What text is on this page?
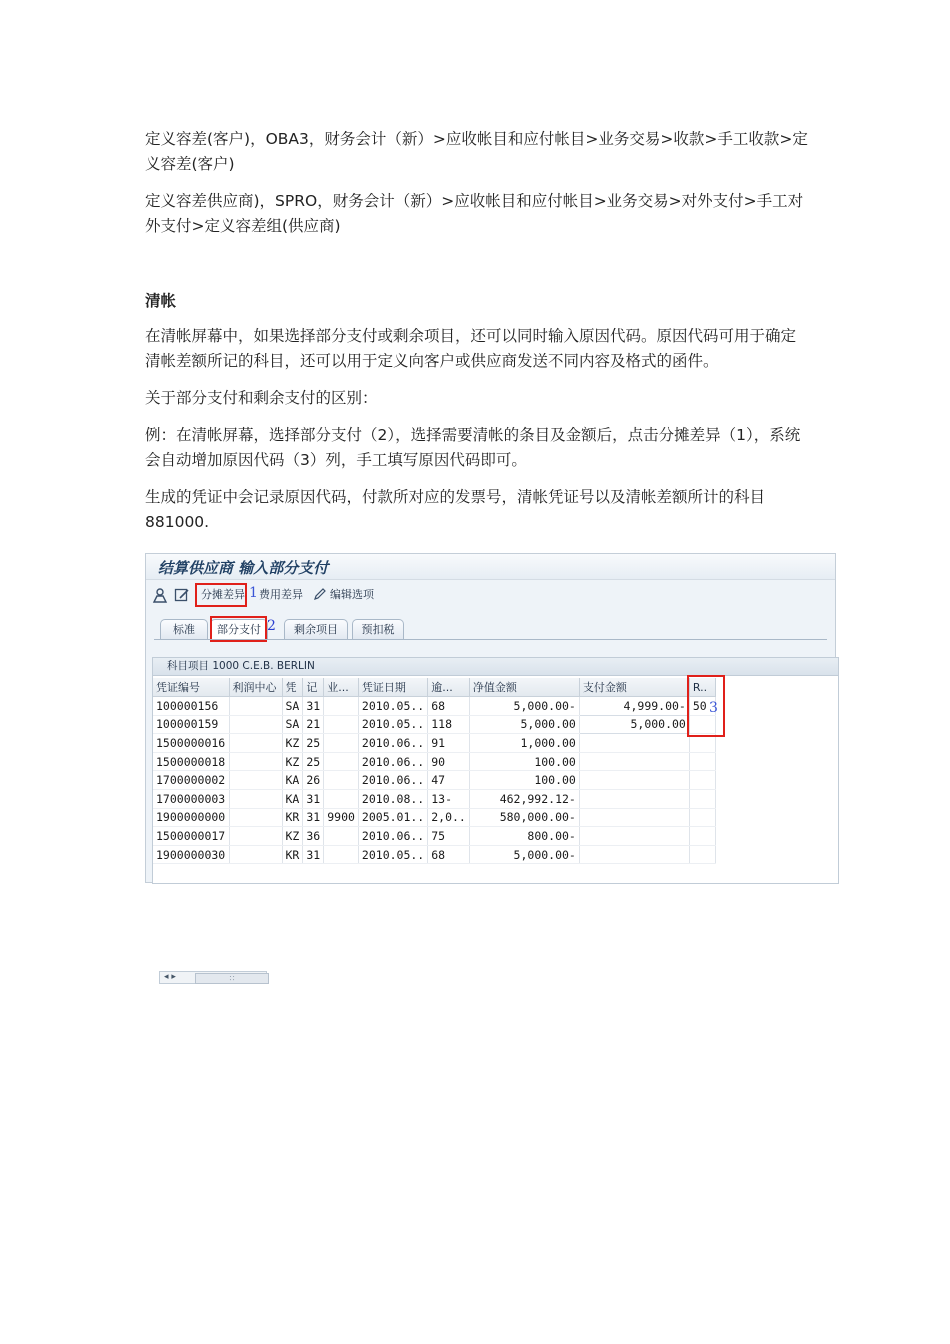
定义容差(客户)，OBA3，财务会计（新）>应收帐目和应付帐目>业务交易>收款>手工收款>定义容差(客户)

定义容差供应商)，SPRO，财务会计（新）>应收帐目和应付帐目>业务交易>对外支付>手工对外支付>定义容差组(供应商)

清帐

在清帐屏幕中，如果选择部分支付或剩余项目，还可以同时输入原因代码。原因代码可用于确定清帐差额所记的科目，还可以用于定义向客户或供应商发送不同内容及格式的函件。

关于部分支付和剩余支付的区别：

例：在清帐屏幕，选择部分支付（2），选择需要清帐的条目及金额后，点击分摊差异（1），系统会自动增加原因代码（3）列，手工填写原因代码即可。

生成的凭证中会记录原因代码，付款所对应的发票号，清帐凭证号以及清帐差额所计的科目 881000.

结算供应商 输入部分支付
分摊差异 1 费用差异 编辑选项
标准	部分支付	剩余项目	预扣税
2
科目项目 1000 C.E.B. BERLIN
凭证编号	利润中心	凭	记	业...	凭证日期	逾...	净值金额	支付金额	R..
100000156		SA	31		2010.05..	68	5,000.00-	4,999.00-	50
100000159		SA	21		2010.05..	118	5,000.00	5,000.00	
1500000016		KZ	25		2010.06..	91	1,000.00		
1500000018		KZ	25		2010.06..	90	100.00		
1700000002		KA	26		2010.06..	47	100.00		
1700000003		KA	31		2010.08..	13-	462,992.12-		
1900000000		KR	31	9900	2005.01..	2,0..	580,000.00-		
1500000017		KZ	36		2010.06..	75	800.00-		
1900000030		KR	31		2010.05..	68	5,000.00-		
3
◂ ▸	∷
